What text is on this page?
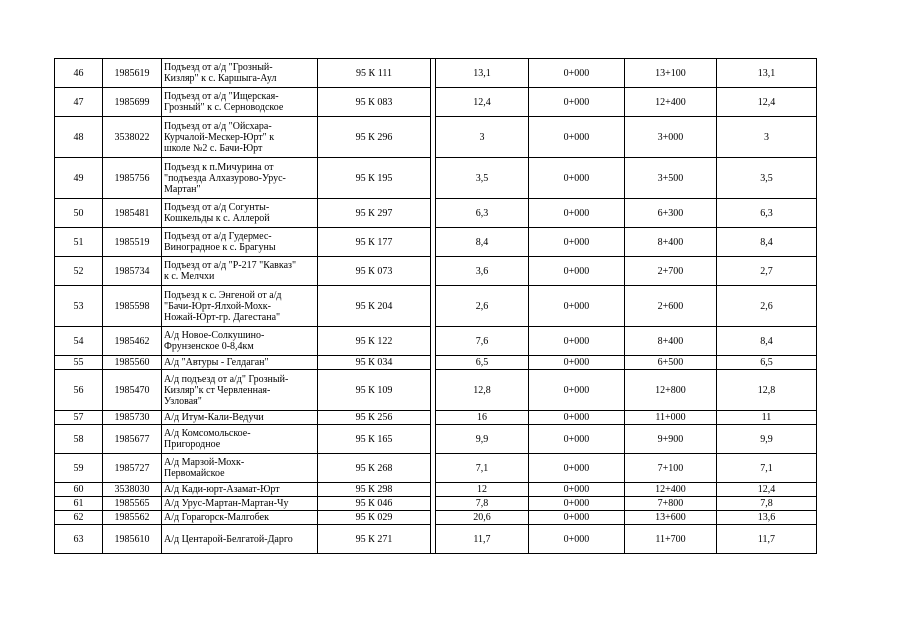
46	1985619	Подъезд от а/д "Грозный-
Кизляр" к с. Каршыга-Аул	95 К 111		13,1	0+000	13+100	13,1
47	1985699	Подъезд от а/д "Ищерская-
Грозный" к с. Серноводское	95 К 083		12,4	0+000	12+400	12,4
48	3538022	Подъезд от а/д "Ойсхара-
Курчалой-Мескер-Юрт" к
школе №2 с. Бачи-Юрт	95 К 296		3	0+000	3+000	3
49	1985756	Подъезд к п.Мичурина от
"подъезда Алхазурово-Урус-
Мартан"	95 К 195		3,5	0+000	3+500	3,5
50	1985481	Подъезд от а/д Согунты-
Кошкельды к с. Аллерой	95 К 297		6,3	0+000	6+300	6,3
51	1985519	Подъезд от а/д Гудермес-
Виноградное к с. Брагуны	95 К 177		8,4	0+000	8+400	8,4
52	1985734	Подъезд от а/д "Р-217 "Кавказ"
к с. Мелчхи	95 К 073		3,6	0+000	2+700	2,7
53	1985598	Подъезд к с. Энгеной от а/д
"Бачи-Юрт-Ялхой-Мохк-
Ножай-Юрт-гр. Дагестана"	95 К 204		2,6	0+000	2+600	2,6
54	1985462	А/д Новое-Солкушино-
Фрунзенское 0-8,4км	95 К 122		7,6	0+000	8+400	8,4
55	1985560	А/д "Автуры - Гелдаган"	95 К 034		6,5	0+000	6+500	6,5
56	1985470	А/д подъезд от а/д" Грозный-
Кизляр"к ст Червленная-
Узловая"	95 К 109		12,8	0+000	12+800	12,8
57	1985730	А/д Итум-Кали-Ведучи	95 К 256		16	0+000	11+000	11
58	1985677	А/д Комсомольское-
Пригородное	95 К 165		9,9	0+000	9+900	9,9
59	1985727	А/д Марзой-Мохк-
Первомайское	95 К 268		7,1	0+000	7+100	7,1
60	3538030	А/д Кади-юрт-Азамат-Юрт	95 К 298		12	0+000	12+400	12,4
61	1985565	А/д Урус-Мартан-Мартан-Чу	95 К 046		7,8	0+000	7+800	7,8
62	1985562	А/д Горагорск-Малгобек	95 К 029		20,6	0+000	13+600	13,6
63	1985610	А/д Центарой-Белгатой-Дарго	95 К 271		11,7	0+000	11+700	11,7
